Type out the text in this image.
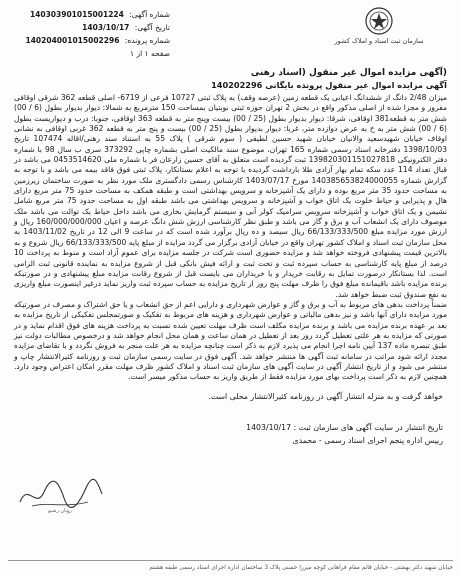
شماره آگهی: 140303901015001224
تاریخ آگهی: 1403/10/17
شماره پرونده: 140204001015002296
صفحه ۱ از ۱
سازمان ثبت اسناد و املاک کشور
(آگهی مزایده اموال غیر منقول (اسناد رهنی
آگهی مزایده اموال غیر منقول پرونده بایگانی 140202296

میزان 2/48 دانگ از ششدانگ اعیانی یک قطعه زمین (عرصه وقف) به پلاک ثبتی 10727 فرعی از 6719- اصلی قطعه 362 شرقی اوقافی مفروز و مجزا شده از اصلی مذکور واقع در بخش 2 تهران حوزه ثبتی نوبتیان بمساحت 150 مترمربع به شمالا: دیوار بدیوار بطول (6 / 00) شش متر به قطعه381 اوقافی، شرقا: دیوار بدیوار بطول (25 / 00) بیست وپنج متر به قطعه 363 اوقافی، جنوبا: درب و دیواریست بطول (6 / 00) شش متر به خ به عرض دوازده متر، غربا: دیوار بدیوار بطول (25 / 00) بیست و پنج متر به قطعه 362 غربی اوقافی به نشانی اوقاف خیابان شهیدسعید والانیان خیابان شهید حسین لطیفی ( سوم شرقی ) پلاک 55 به استناد سند رهنی/اقاله 107474 تاریخ 1398/10/03 دفترخانه اسناد رسمی شماره 165 تهران، موضوع سند مالکیت اصلی بشماره چاپی 373292 سری ب سال 98 با شماره دفتر الکترونیکی 139820301151027818 ثبت گردیده است متعلق به آقای حسین زارعان فر با شماره ملی 0453514620 می باشد در قبال تعداد 114 عدد سکه تمام بهار آزادی طلا بارداشت گردیده با توجه به اعلام بستانکار، پلاک ثبتی فوق فاقد بیمه می باشد و با توجه به گزارش شماره 140385653824000055 مورخ 1403/07/17 کارشناس رسمی دادگستری ملک مورد نظر به صورت ساختمان زیرزمین به مساحت حدود 35 متر مربع بوده و دارای یک آشپزخانه و سرویس بهداشتی است و طبقه همکف به مساحت حدود 75 متر مربع دارای هال و پذیرایی و حیاط خلوت یک اتاق خواب و آشپزخانه و سرویس بهداشتی می باشد طبقه اول به مساحت حدود 75 متر مربع شامل نشیمن و یک اتاق خواب و آشپزخانه سرویس سرامیک کولر آبی و سیستم گرمایش بخاری می باشد داخل حیاط یک توالت می باشد ملک موصوف دارای یک انشعاب آب و برق و گاز می باشد و طبق نظر کارشناسی ارزش شش دانگ عرصه و اعیان 160/000/000/000 ریال و ارزش مورد مزایده مبلغ 66/133/333/500 ریال سیصد و ده ریال برآورد شده است که در ساعت 9 الی 12 در تاریخ 1403/11/02 به محل سازمان ثبت اسناد و املاک کشور تهران واقع در خیابان آزادی برگزار می گردد مزایده از مبلغ پایه 66/133/333/500 ریال شروع و به بالاترین قیمت پیشنهادی فروخته خواهد شد و مزایده حضوری است شرکت در جلسه مزایده برای عموم آزاد است و منوط به پرداخت 10 درصد از مبلغ پایه کارشناسی به حساب سپرده ثبت و تحت ثبت و ارائه فیش بانکی قبل از شروع مزایده به نماینده قانونی ثبت الزامی است. لذا بستانکار درصورت تمایل به رقابت خریدار و یا خریداران می بایست قبل از شروع رقابت مزایده مبلغ پیشنهادی و در صورتیکه برنده مزایده باشد باقیمانده مبلغ فوق را ظرف مهلت پنج روز از تاریخ مزایده به حساب سپرده ثبت واریز نماید درغیر اینصورت مبلغ واریزی به نفع صندوق ثبت ضبط خواهد شد.

ضمناً پرداخت بدهی های مربوط به آب و برق و گاز و عوارض شهرداری و دارایی اعم از حق انشعاب و یا حق اشتراک و مصرف در صورتیکه مورد مزایده دارای آنها باشد و نیز بدهی مالیاتی و عوارض شهرداری و هزینه های مربوط به تفکیک و صورتمجلس تفکیکی از تاریخ مزایده به بعد بر عهده برنده مزایده می باشد و برنده مزایده مکلف است ظرف مهلت تعیین شده نسبت به پرداخت هزینه های فوق اقدام نماید و در صورتی که مزایده به هر علتی تعطیل گردد روز بعد از تعطیل در همان ساعت و همان محل انجام خواهد شد و درخصوص مطالبات دولت نیز طبق تبصره ماده 137 آیین نامه اجرا انجام می پذیرد لازم به ذکر است چنانچه مزایده به هر علت منجر به فروش نگردد و یا تقاضای مزایده مجدد ارائه شود مراتب در سامانه ثبت آگهی ها منتشر خواهد شد. آگهی فوق در سایت رسمی سازمان ثبت و روزنامه کثیرالانتشار چاپ و منتشر می شود و از تاریخ انتشار آگهی در سایت آگهی های سازمان ثبت اسناد و املاک کشور ظرف مهلت مقرر امکان اعتراض وجود دارد. همچنین لازم به ذکر است پرداخت بهای مورد مزایده فقط از طریق واریز به حساب مذکور میسر است.

خواهد گرفت و به منزله انتشار آگهی در روزنامه کثیرالانتشار محلی است.
تاریخ انتشار در سایت آگهی های سازمان ثبت : 1403/10/17
رییس اداره پنجم اجرای اسناد رسمی - محمدی
روبان رشیو
خیابان شهید دکتر بهشتی - خیابان قائم مقام فراهانی کوچه میرزا حسنی پلاک 3 ساختمان اداره اجرای اسناد رسمی طبقه هشتم
